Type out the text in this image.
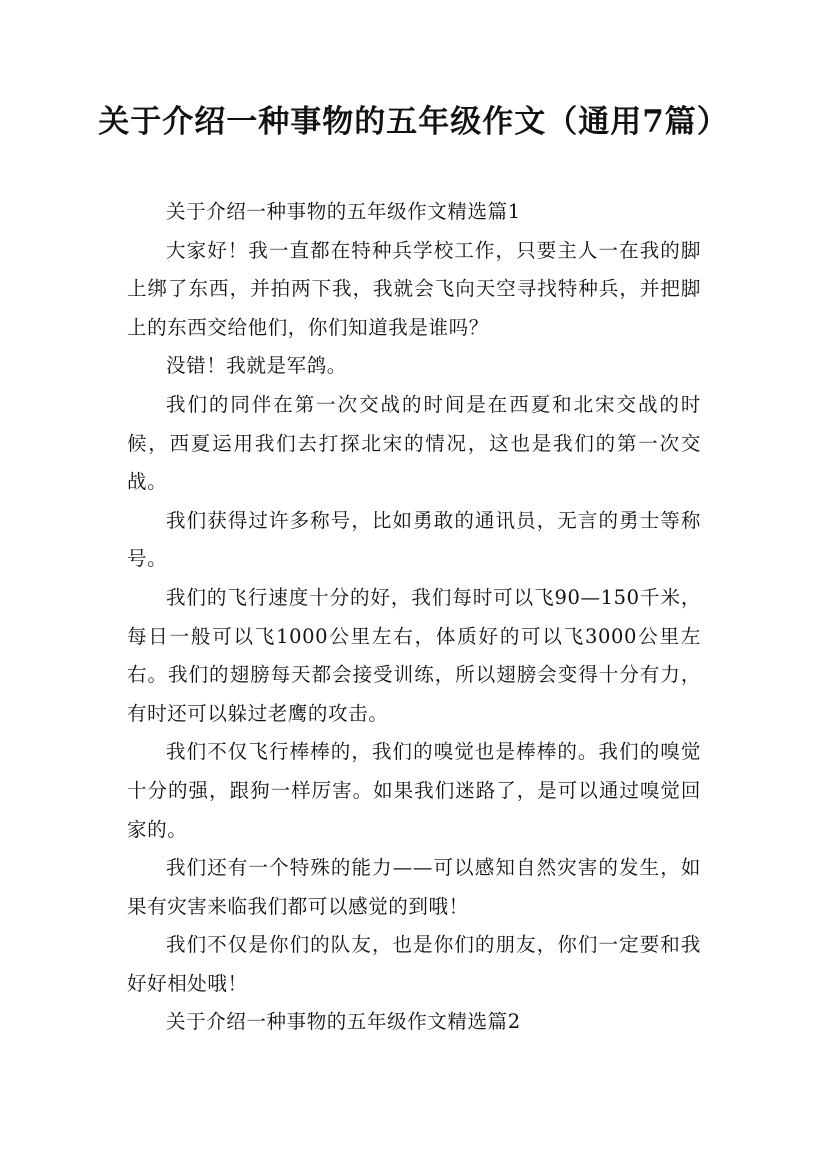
关于介绍一种事物的五年级作文（通用7篇）

关于介绍一种事物的五年级作文精选篇1

大家好！我一直都在特种兵学校工作，只要主人一在我的脚上绑了东西，并拍两下我，我就会飞向天空寻找特种兵，并把脚上的东西交给他们，你们知道我是谁吗？

没错！我就是军鸽。

我们的同伴在第一次交战的时间是在西夏和北宋交战的时候，西夏运用我们去打探北宋的情况，这也是我们的第一次交战。

我们获得过许多称号，比如勇敢的通讯员，无言的勇士等称号。

我们的飞行速度十分的好，我们每时可以飞90—150千米，每日一般可以飞1000公里左右，体质好的可以飞3000公里左右。我们的翅膀每天都会接受训练，所以翅膀会变得十分有力，有时还可以躲过老鹰的攻击。

我们不仅飞行棒棒的，我们的嗅觉也是棒棒的。我们的嗅觉十分的强，跟狗一样厉害。如果我们迷路了，是可以通过嗅觉回家的。

我们还有一个特殊的能力——可以感知自然灾害的发生，如果有灾害来临我们都可以感觉的到哦！

我们不仅是你们的队友，也是你们的朋友，你们一定要和我好好相处哦！

关于介绍一种事物的五年级作文精选篇2
